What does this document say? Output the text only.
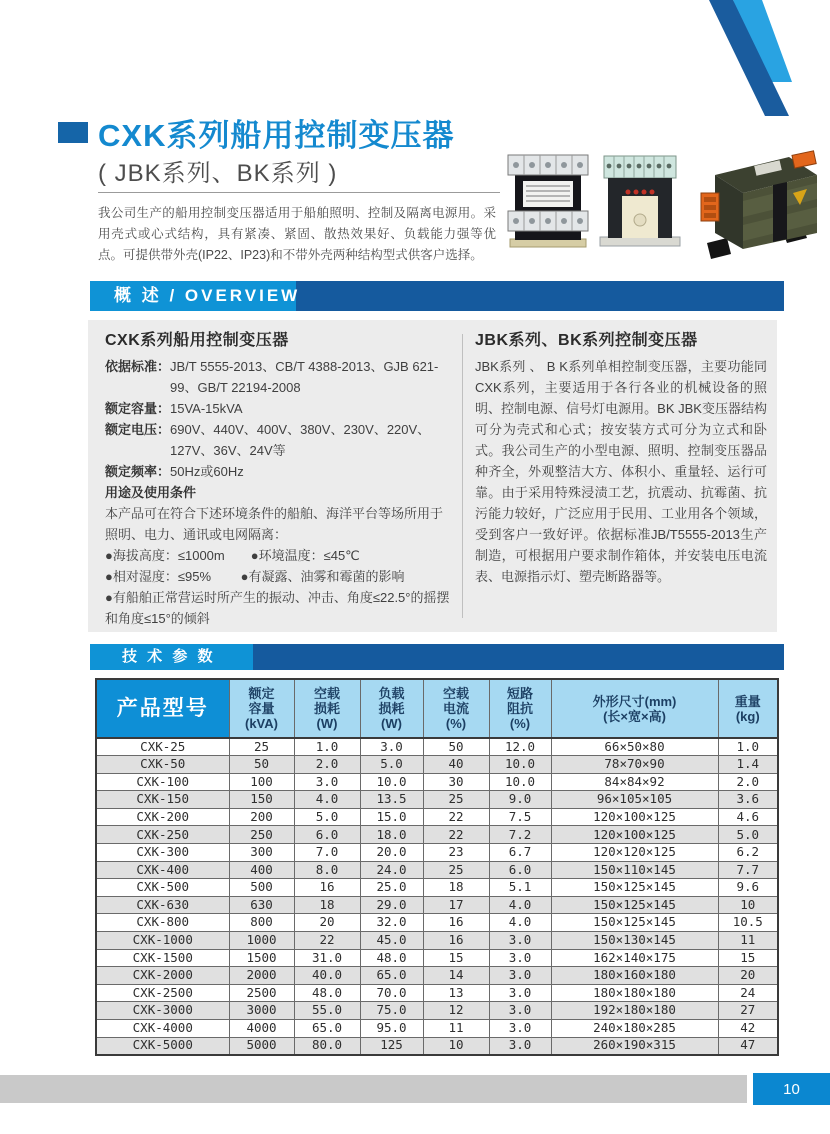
CXK系列船用控制变压器
( JBK系列、BK系列 )
我公司生产的船用控制变压器适用于船舶照明、控制及隔离电源用。采用壳式或心式结构，具有紧凑、紧固、散热效果好、负载能力强等优点。可提供带外壳(IP22、IP23)和不带外壳两种结构型式供客户选择。
概 述 / OVERVIEW
CXK系列船用控制变压器
依据标准： JB/T 5555-2013、CB/T 4388-2013、GJB 621-99、GB/T 22194-2008
额定容量： 15VA-15kVA
额定电压： 690V、440V、400V、380V、230V、220V、127V、36V、24V等
额定频率： 50Hz或60Hz
用途及使用条件
本产品可在符合下述环境条件的船舶、海洋平台等场所用于照明、电力、通讯或电网隔离：
●海拔高度：≤1000m　　●环境温度：≤45℃
●相对湿度：≤95%　　 ●有凝露、油雾和霉菌的影响
●有船舶正常营运时所产生的振动、冲击、角度≤22.5°的摇摆和角度≤15°的倾斜
JBK系列、BK系列控制变压器
JBK系列 、 B K系列单相控制变压器，主要功能同CXK系列，主要适用于各行各业的机械设备的照明、控制电源、信号灯电源用。BK JBK变压器结构可分为壳式和心式；按安装方式可分为立式和卧式。我公司生产的小型电源、照明、控制变压器品种齐全，外观整洁大方、体积小、重量轻、运行可靠。由于采用特殊浸渍工艺，抗震动、抗霉菌、抗污能力较好，广泛应用于民用、工业用各个领域，受到客户一致好评。依据标准JB/T5555-2013生产制造，可根据用户要求制作箱体，并安装电压电流表、电源指示灯、塑壳断路器等。
技 术 参 数
产品型号

额定
容量
(kVA)

空载
损耗
(W)

负载
损耗
(W)

空载
电流
(%)

短路
阻抗
(%)

外形尺寸(mm)
(长×宽×高)

重量
(kg)

CXK-25	25	1.0	3.0	50	12.0	66×50×80	1.0
CXK-50	50	2.0	5.0	40	10.0	78×70×90	1.4
CXK-100	100	3.0	10.0	30	10.0	84×84×92	2.0
CXK-150	150	4.0	13.5	25	9.0	96×105×105	3.6
CXK-200	200	5.0	15.0	22	7.5	120×100×125	4.6
CXK-250	250	6.0	18.0	22	7.2	120×100×125	5.0
CXK-300	300	7.0	20.0	23	6.7	120×120×125	6.2
CXK-400	400	8.0	24.0	25	6.0	150×110×145	7.7
CXK-500	500	16	25.0	18	5.1	150×125×145	9.6
CXK-630	630	18	29.0	17	4.0	150×125×145	10
CXK-800	800	20	32.0	16	4.0	150×125×145	10.5
CXK-1000	1000	22	45.0	16	3.0	150×130×145	11
CXK-1500	1500	31.0	48.0	15	3.0	162×140×175	15
CXK-2000	2000	40.0	65.0	14	3.0	180×160×180	20
CXK-2500	2500	48.0	70.0	13	3.0	180×180×180	24
CXK-3000	3000	55.0	75.0	12	3.0	192×180×180	27
CXK-4000	4000	65.0	95.0	11	3.0	240×180×285	42
CXK-5000	5000	80.0	125	10	3.0	260×190×315	47
10
